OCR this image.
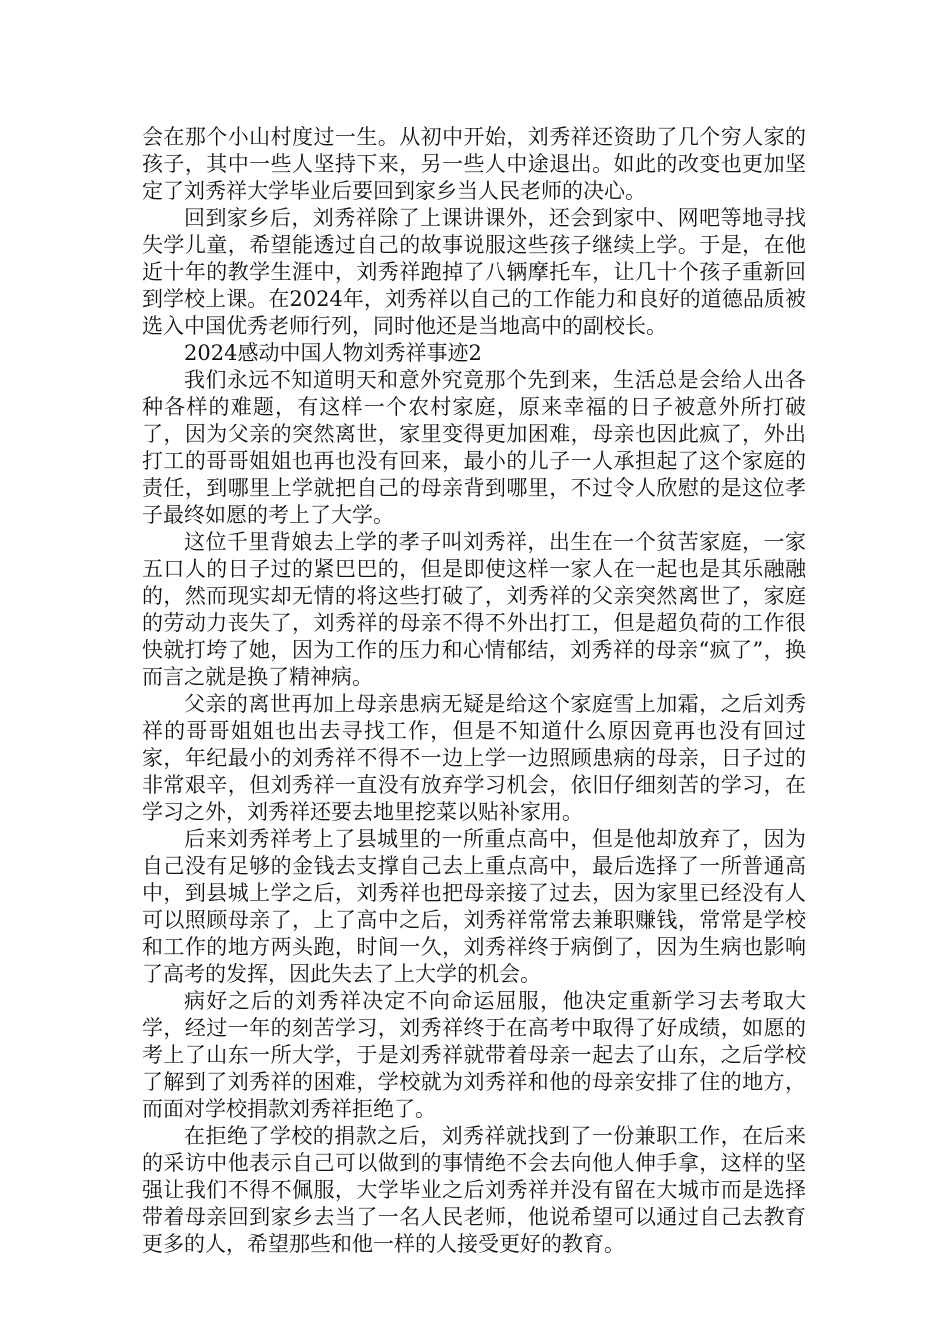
会在那个小山村度过一生。从初中开始，刘秀祥还资助了几个穷人家的孩子，其中一些人坚持下来，另一些人中途退出。如此的改变也更加坚定了刘秀祥大学毕业后要回到家乡当人民老师的决心。

回到家乡后，刘秀祥除了上课讲课外，还会到家中、网吧等地寻找失学儿童，希望能透过自己的故事说服这些孩子继续上学。于是，在他近十年的教学生涯中，刘秀祥跑掉了八辆摩托车，让几十个孩子重新回到学校上课。在2024年，刘秀祥以自己的工作能力和良好的道德品质被选入中国优秀老师行列，同时他还是当地高中的副校长。

2024感动中国人物刘秀祥事迹2

我们永远不知道明天和意外究竟那个先到来，生活总是会给人出各种各样的难题，有这样一个农村家庭，原来幸福的日子被意外所打破了，因为父亲的突然离世，家里变得更加困难，母亲也因此疯了，外出打工的哥哥姐姐也再也没有回来，最小的儿子一人承担起了这个家庭的责任，到哪里上学就把自己的母亲背到哪里，不过令人欣慰的是这位孝子最终如愿的考上了大学。

这位千里背娘去上学的孝子叫刘秀祥，出生在一个贫苦家庭，一家五口人的日子过的紧巴巴的，但是即使这样一家人在一起也是其乐融融的，然而现实却无情的将这些打破了，刘秀祥的父亲突然离世了，家庭的劳动力丧失了，刘秀祥的母亲不得不外出打工，但是超负荷的工作很快就打垮了她，因为工作的压力和心情郁结，刘秀祥的母亲“疯了”，换而言之就是换了精神病。

父亲的离世再加上母亲患病无疑是给这个家庭雪上加霜，之后刘秀祥的哥哥姐姐也出去寻找工作，但是不知道什么原因竟再也没有回过家，年纪最小的刘秀祥不得不一边上学一边照顾患病的母亲，日子过的非常艰辛，但刘秀祥一直没有放弃学习机会，依旧仔细刻苦的学习，在学习之外，刘秀祥还要去地里挖菜以贴补家用。

后来刘秀祥考上了县城里的一所重点高中，但是他却放弃了，因为自己没有足够的金钱去支撑自己去上重点高中，最后选择了一所普通高中，到县城上学之后，刘秀祥也把母亲接了过去，因为家里已经没有人可以照顾母亲了，上了高中之后，刘秀祥常常去兼职赚钱，常常是学校和工作的地方两头跑，时间一久，刘秀祥终于病倒了，因为生病也影响了高考的发挥，因此失去了上大学的机会。

病好之后的刘秀祥决定不向命运屈服，他决定重新学习去考取大学，经过一年的刻苦学习，刘秀祥终于在高考中取得了好成绩，如愿的考上了山东一所大学，于是刘秀祥就带着母亲一起去了山东，之后学校了解到了刘秀祥的困难，学校就为刘秀祥和他的母亲安排了住的地方，而面对学校捐款刘秀祥拒绝了。

在拒绝了学校的捐款之后，刘秀祥就找到了一份兼职工作，在后来的采访中他表示自己可以做到的事情绝不会去向他人伸手拿，这样的坚强让我们不得不佩服，大学毕业之后刘秀祥并没有留在大城市而是选择带着母亲回到家乡去当了一名人民老师，他说希望可以通过自己去教育更多的人，希望那些和他一样的人接受更好的教育。
